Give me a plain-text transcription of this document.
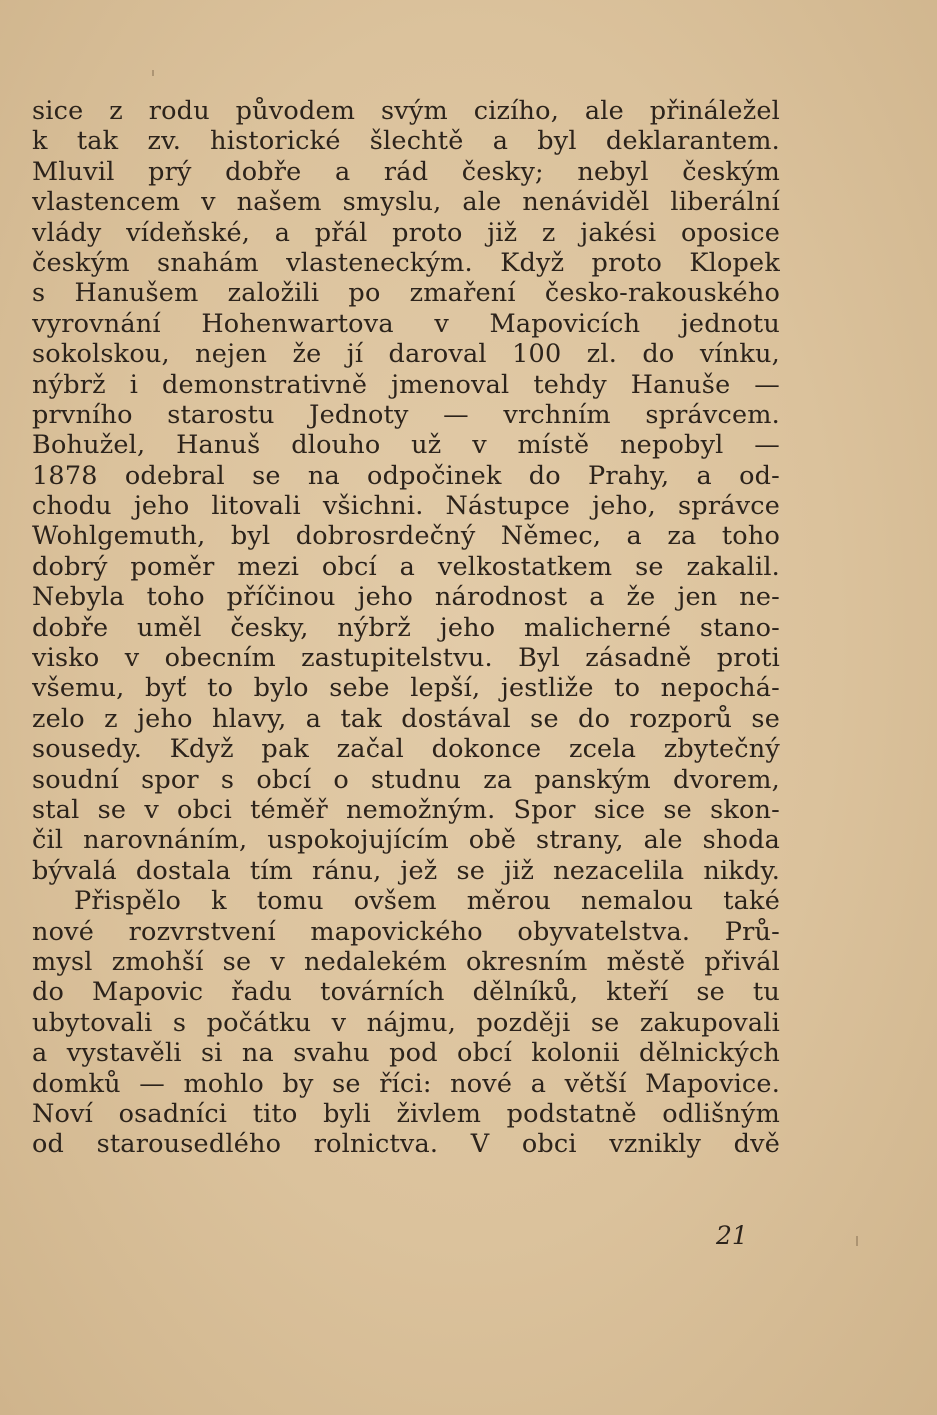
sice z rodu původem svým cizího, ale přináležel
k tak zv. historické šlechtě a byl deklarantem.
Mluvil prý dobře a rád česky; nebyl českým
vlastencem v našem smyslu, ale nenáviděl liberální
vlády vídeňské, a přál proto již z jakési oposice
českým snahám vlasteneckým. Když proto Klopek
s Hanušem založili po zmaření česko-rakouského
vyrovnání Hohenwartova v Mapovicích jednotu
sokolskou, nejen že jí daroval 100 zl. do vínku,
nýbrž i demonstrativně jmenoval tehdy Hanuše —
prvního starostu Jednoty — vrchním správcem.
Bohužel, Hanuš dlouho už v místě nepobyl —
1878 odebral se na odpočinek do Prahy, a od-
chodu jeho litovali všichni. Nástupce jeho, správce
Wohlgemuth, byl dobrosrdečný Němec, a za toho
dobrý poměr mezi obcí a velkostatkem se zakalil.
Nebyla toho příčinou jeho národnost a že jen ne-
dobře uměl česky, nýbrž jeho malicherné stano-
visko v obecním zastupitelstvu. Byl zásadně proti
všemu, byť to bylo sebe lepší, jestliže to nepochá-
zelo z jeho hlavy, a tak dostával se do rozporů se
sousedy. Když pak začal dokonce zcela zbytečný
soudní spor s obcí o studnu za panským dvorem,
stal se v obci téměř nemožným. Spor sice se skon-
čil narovnáním, uspokojujícím obě strany, ale shoda
bývalá dostala tím ránu, jež se již nezacelila nikdy.
Přispělo k tomu ovšem měrou nemalou také
nové rozvrstvení mapovického obyvatelstva. Prů-
mysl zmohší se v nedalekém okresním městě přivál
do Mapovic řadu továrních dělníků, kteří se tu
ubytovali s počátku v nájmu, později se zakupovali
a vystavěli si na svahu pod obcí kolonii dělnických
domků — mohlo by se říci: nové a větší Mapovice.
Noví osadníci tito byli živlem podstatně odlišným
od starousedlého rolnictva. V obci vznikly dvě
21
